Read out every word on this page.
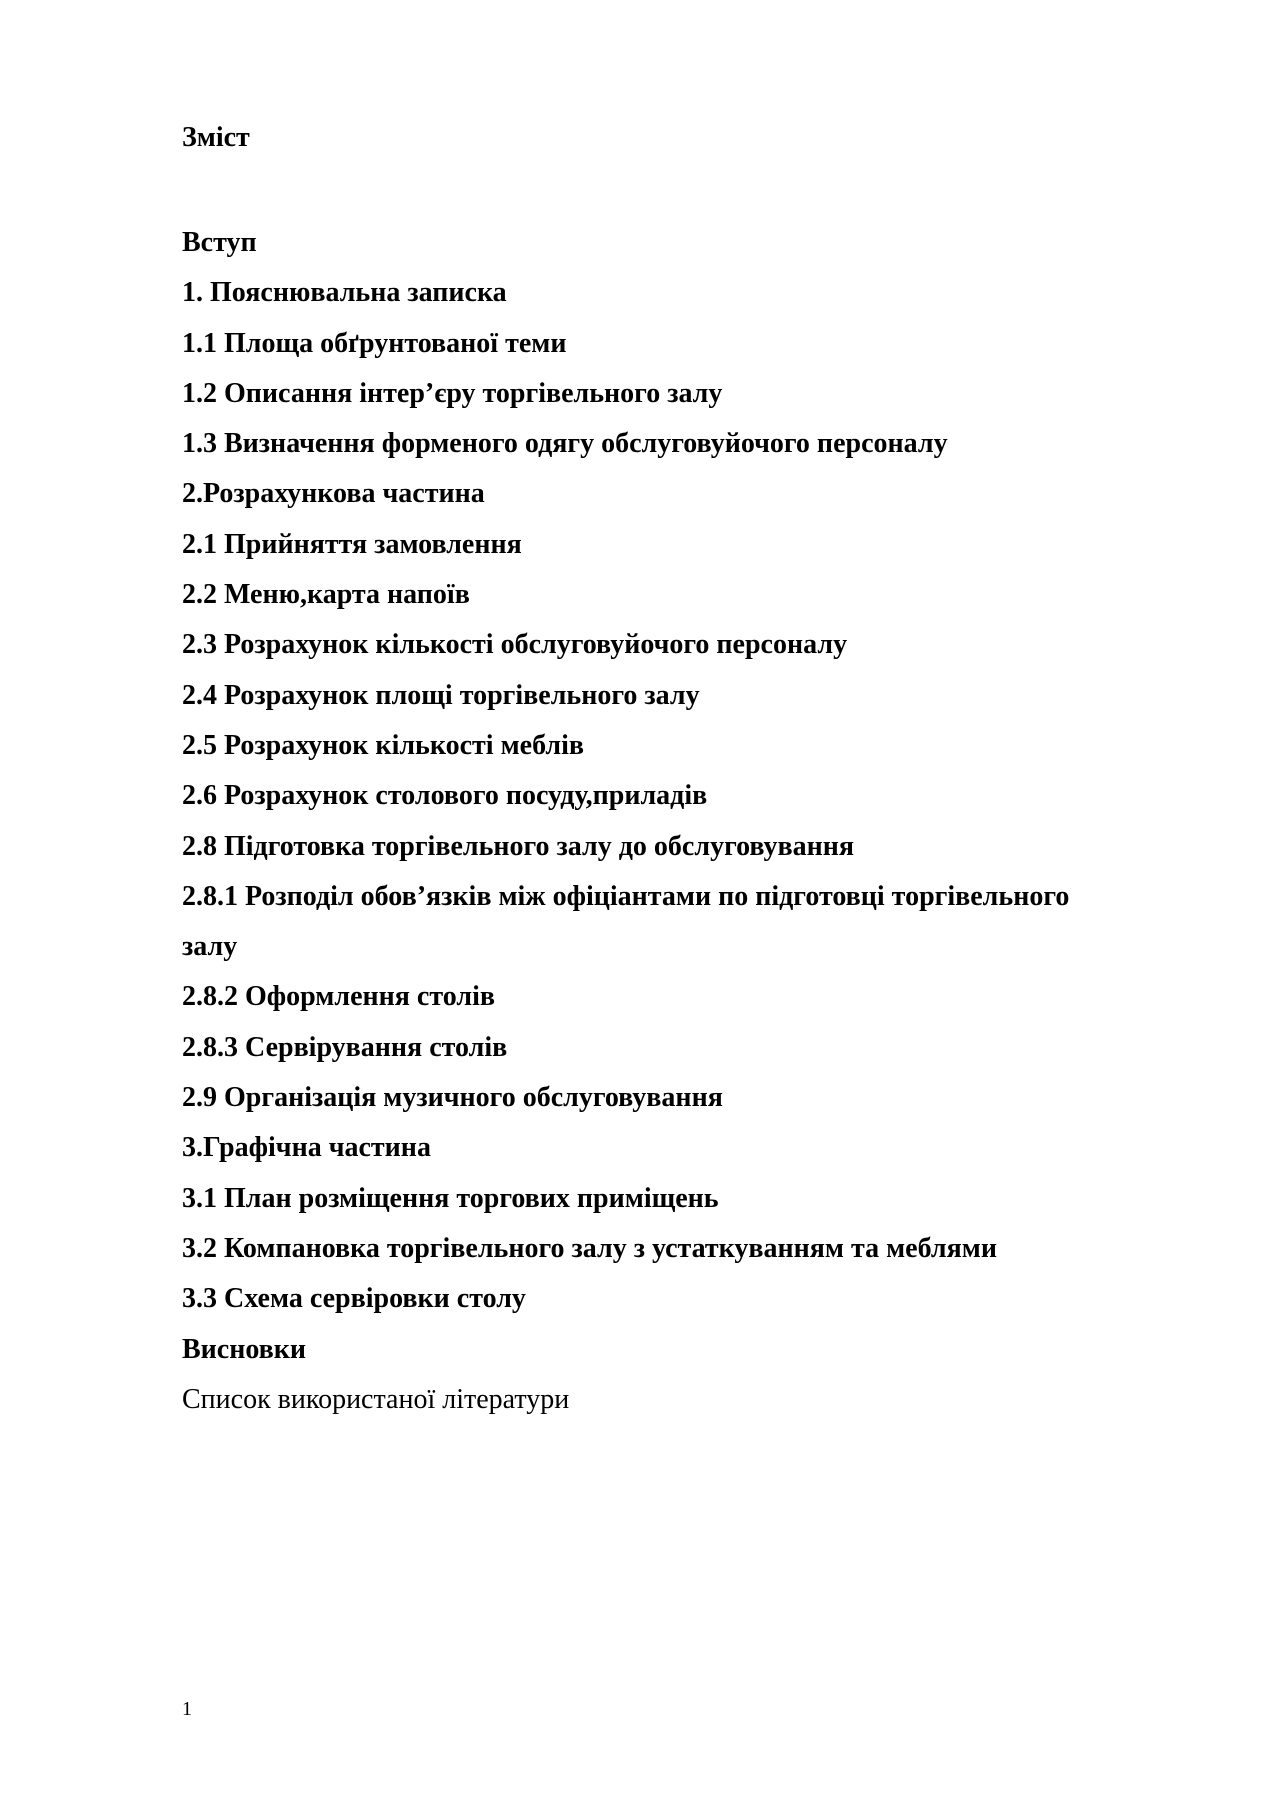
Зміст
Вступ
1. Пояснювальна записка
1.1 Площа обґрунтованої теми
1.2 Описання інтер’єру торгівельного залу
1.3 Визначення форменого одягу обслуговуйочого персоналу
2.Розрахункова частина
2.1 Прийняття замовлення
2.2 Меню,карта напоїв
2.3 Розрахунок кількості обслуговуйочого персоналу
2.4 Розрахунок площі торгівельного залу
2.5 Розрахунок кількості меблів
2.6 Розрахунок столового посуду,приладів
2.8 Підготовка торгівельного залу до обслуговування
2.8.1 Розподіл обов’язків між офіціантами по підготовці торгівельного
залу
2.8.2 Оформлення столів
2.8.3 Сервірування столів
2.9 Організація музичного обслуговування
3.Графічна частина
3.1 План розміщення торгових приміщень
3.2 Компановка торгівельного залу з устаткуванням та меблями
3.3 Схема сервіровки столу
Висновки
Список використаної літератури
1
